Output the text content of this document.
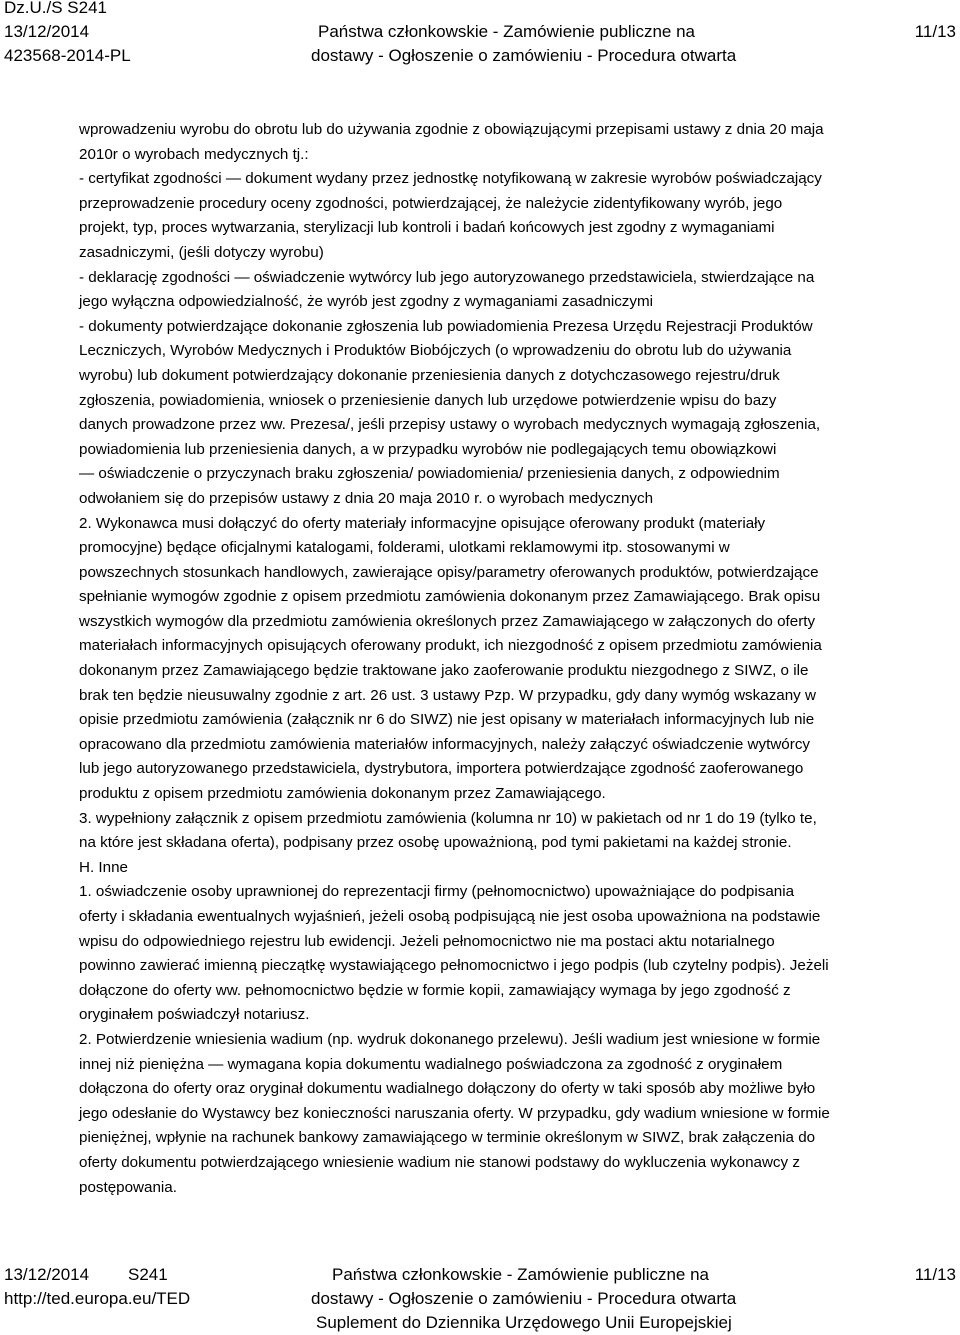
Dz.U./S S241
13/12/2014
423568-2014-PL
Państwa członkowskie - Zamówienie publiczne na
dostawy - Ogłoszenie o zamówieniu - Procedura otwarta
11/13

wprowadzeniu wyrobu do obrotu lub do używania zgodnie z obowiązującymi przepisami ustawy z dnia 20 maja

2010r o wyrobach medycznych tj.:

- certyfikat zgodności — dokument wydany przez jednostkę notyfikowaną w zakresie wyrobów poświadczający

przeprowadzenie procedury oceny zgodności, potwierdzającej, że należycie zidentyfikowany wyrób, jego

projekt, typ, proces wytwarzania, sterylizacji lub kontroli i badań końcowych jest zgodny z wymaganiami

zasadniczymi, (jeśli dotyczy wyrobu)

- deklarację zgodności — oświadczenie wytwórcy lub jego autoryzowanego przedstawiciela, stwierdzające na

jego wyłączna odpowiedzialność, że wyrób jest zgodny z wymaganiami zasadniczymi

- dokumenty potwierdzające dokonanie zgłoszenia lub powiadomienia Prezesa Urzędu Rejestracji Produktów

Leczniczych, Wyrobów Medycznych i Produktów Biobójczych (o wprowadzeniu do obrotu lub do używania

wyrobu) lub dokument potwierdzający dokonanie przeniesienia danych z dotychczasowego rejestru/druk

zgłoszenia, powiadomienia, wniosek o przeniesienie danych lub urzędowe potwierdzenie wpisu do bazy

danych prowadzone przez ww. Prezesa/, jeśli przepisy ustawy o wyrobach medycznych wymagają zgłoszenia,

powiadomienia lub przeniesienia danych, a w przypadku wyrobów nie podlegających temu obowiązkowi

— oświadczenie o przyczynach braku zgłoszenia/ powiadomienia/ przeniesienia danych, z odpowiednim

odwołaniem się do przepisów ustawy z dnia 20 maja 2010 r. o wyrobach medycznych

2. Wykonawca musi dołączyć do oferty materiały informacyjne opisujące oferowany produkt (materiały

promocyjne) będące oficjalnymi katalogami, folderami, ulotkami reklamowymi itp. stosowanymi w

powszechnych stosunkach handlowych, zawierające opisy/parametry oferowanych produktów, potwierdzające

spełnianie wymogów zgodnie z opisem przedmiotu zamówienia dokonanym przez Zamawiającego. Brak opisu

wszystkich wymogów dla przedmiotu zamówienia określonych przez Zamawiającego w załączonych do oferty

materiałach informacyjnych opisujących oferowany produkt, ich niezgodność z opisem przedmiotu zamówienia

dokonanym przez Zamawiającego będzie traktowane jako zaoferowanie produktu niezgodnego z SIWZ, o ile

brak ten będzie nieusuwalny zgodnie z art. 26 ust. 3 ustawy Pzp. W przypadku, gdy dany wymóg wskazany w

opisie przedmiotu zamówienia (załącznik nr 6 do SIWZ) nie jest opisany w materiałach informacyjnych lub nie

opracowano dla przedmiotu zamówienia materiałów informacyjnych, należy załączyć oświadczenie wytwórcy

lub jego autoryzowanego przedstawiciela, dystrybutora, importera potwierdzające zgodność zaoferowanego

produktu z opisem przedmiotu zamówienia dokonanym przez Zamawiającego.

3. wypełniony załącznik z opisem przedmiotu zamówienia (kolumna nr 10) w pakietach od nr 1 do 19 (tylko te,

na które jest składana oferta), podpisany przez osobę upoważnioną, pod tymi pakietami na każdej stronie.

H. Inne

1. oświadczenie osoby uprawnionej do reprezentacji firmy (pełnomocnictwo) upoważniające do podpisania

oferty i składania ewentualnych wyjaśnień, jeżeli osobą podpisującą nie jest osoba upoważniona na podstawie

wpisu do odpowiedniego rejestru lub ewidencji. Jeżeli pełnomocnictwo nie ma postaci aktu notarialnego

powinno zawierać imienną pieczątkę wystawiającego pełnomocnictwo i jego podpis (lub czytelny podpis). Jeżeli

dołączone do oferty ww. pełnomocnictwo będzie w formie kopii, zamawiający wymaga by jego zgodność z

oryginałem poświadczył notariusz.

2. Potwierdzenie wniesienia wadium (np. wydruk dokonanego przelewu). Jeśli wadium jest wniesione w formie

innej niż pieniężna — wymagana kopia dokumentu wadialnego poświadczona za zgodność z oryginałem

dołączona do oferty oraz oryginał dokumentu wadialnego dołączony do oferty w taki sposób aby możliwe było

jego odesłanie do Wystawcy bez konieczności naruszania oferty. W przypadku, gdy wadium wniesione w formie

pieniężnej, wpłynie na rachunek bankowy zamawiającego w terminie określonym w SIWZ, brak załączenia do

oferty dokumentu potwierdzającego wniesienie wadium nie stanowi podstawy do wykluczenia wykonawcy z

postępowania.

13/12/2014 S241
http://ted.europa.eu/TED
Państwa członkowskie - Zamówienie publiczne na
dostawy - Ogłoszenie o zamówieniu - Procedura otwarta
Suplement do Dziennika Urzędowego Unii Europejskiej
11/13
